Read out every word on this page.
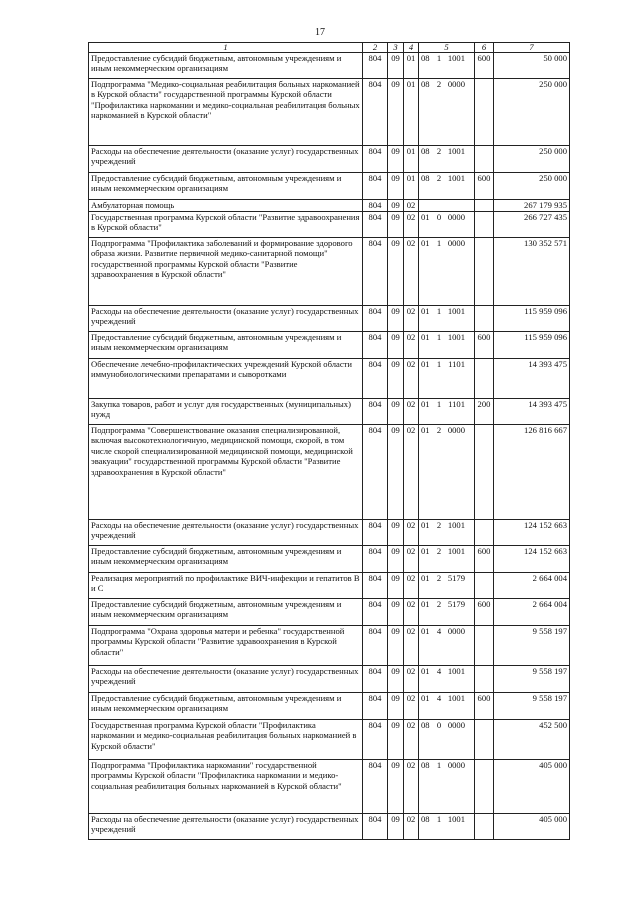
17
1	2	3	4	5	6	7
Предоставление субсидий бюджетным, автономным учреждениям и иным некоммерческим организациям	804	09	01	08 1 1001	600	50 000
Подпрограмма "Медико-социальная реабилитация больных наркоманией в Курской области" государственной программы Курской области "Профилактика наркомании и медико-социальная реабилитация больных наркоманией в Курской области"	804	09	01	08 2 0000		250 000
Расходы на обеспечение деятельности (оказание услуг) государственных учреждений	804	09	01	08 2 1001		250 000
Предоставление субсидий бюджетным, автономным учреждениям и иным некоммерческим организациям	804	09	01	08 2 1001	600	250 000
Амбулаторная помощь	804	09	02			267 179 935
Государственная программа Курской области "Развитие здравоохранения в Курской области"	804	09	02	01 0 0000		266 727 435
Подпрограмма "Профилактика заболеваний и формирование здорового образа жизни. Развитие первичной медико-санитарной помощи" государственной программы Курской области "Развитие здравоохранения в Курской области"	804	09	02	01 1 0000		130 352 571
Расходы на обеспечение деятельности (оказание услуг) государственных учреждений	804	09	02	01 1 1001		115 959 096
Предоставление субсидий бюджетным, автономным учреждениям и иным некоммерческим организациям	804	09	02	01 1 1001	600	115 959 096
Обеспечение лечебно-профилактических учреждений Курской области иммунобиологическими препаратами и сыворотками	804	09	02	01 1 1101		14 393 475
Закупка товаров, работ и услуг для государственных (муниципальных) нужд	804	09	02	01 1 1101	200	14 393 475
Подпрограмма "Совершенствование оказания специализированной, включая высокотехнологичную, медицинской помощи, скорой, в том числе скорой специализированной медицинской помощи, медицинской эвакуации" государственной программы Курской области "Развитие здравоохранения в Курской области"	804	09	02	01 2 0000		126 816 667
Расходы на обеспечение деятельности (оказание услуг) государственных учреждений	804	09	02	01 2 1001		124 152 663
Предоставление субсидий бюджетным, автономным учреждениям и иным некоммерческим организациям	804	09	02	01 2 1001	600	124 152 663
Реализация мероприятий по профилактике ВИЧ-инфекции и гепатитов В и С	804	09	02	01 2 5179		2 664 004
Предоставление субсидий бюджетным, автономным учреждениям и иным некоммерческим организациям	804	09	02	01 2 5179	600	2 664 004
Подпрограмма "Охрана здоровья матери и ребенка" государственной программы Курской области "Развитие здравоохранения в Курской области"	804	09	02	01 4 0000		9 558 197
Расходы на обеспечение деятельности (оказание услуг) государственных учреждений	804	09	02	01 4 1001		9 558 197
Предоставление субсидий бюджетным, автономным учреждениям и иным некоммерческим организациям	804	09	02	01 4 1001	600	9 558 197
Государственная программа Курской области "Профилактика наркомании и медико-социальная реабилитация больных наркоманией в Курской области"	804	09	02	08 0 0000		452 500
Подпрограмма "Профилактика наркомании" государственной программы Курской области "Профилактика наркомании и медико-социальная реабилитация больных наркоманией в Курской области"	804	09	02	08 1 0000		405 000
Расходы на обеспечение деятельности (оказание услуг) государственных учреждений	804	09	02	08 1 1001		405 000
